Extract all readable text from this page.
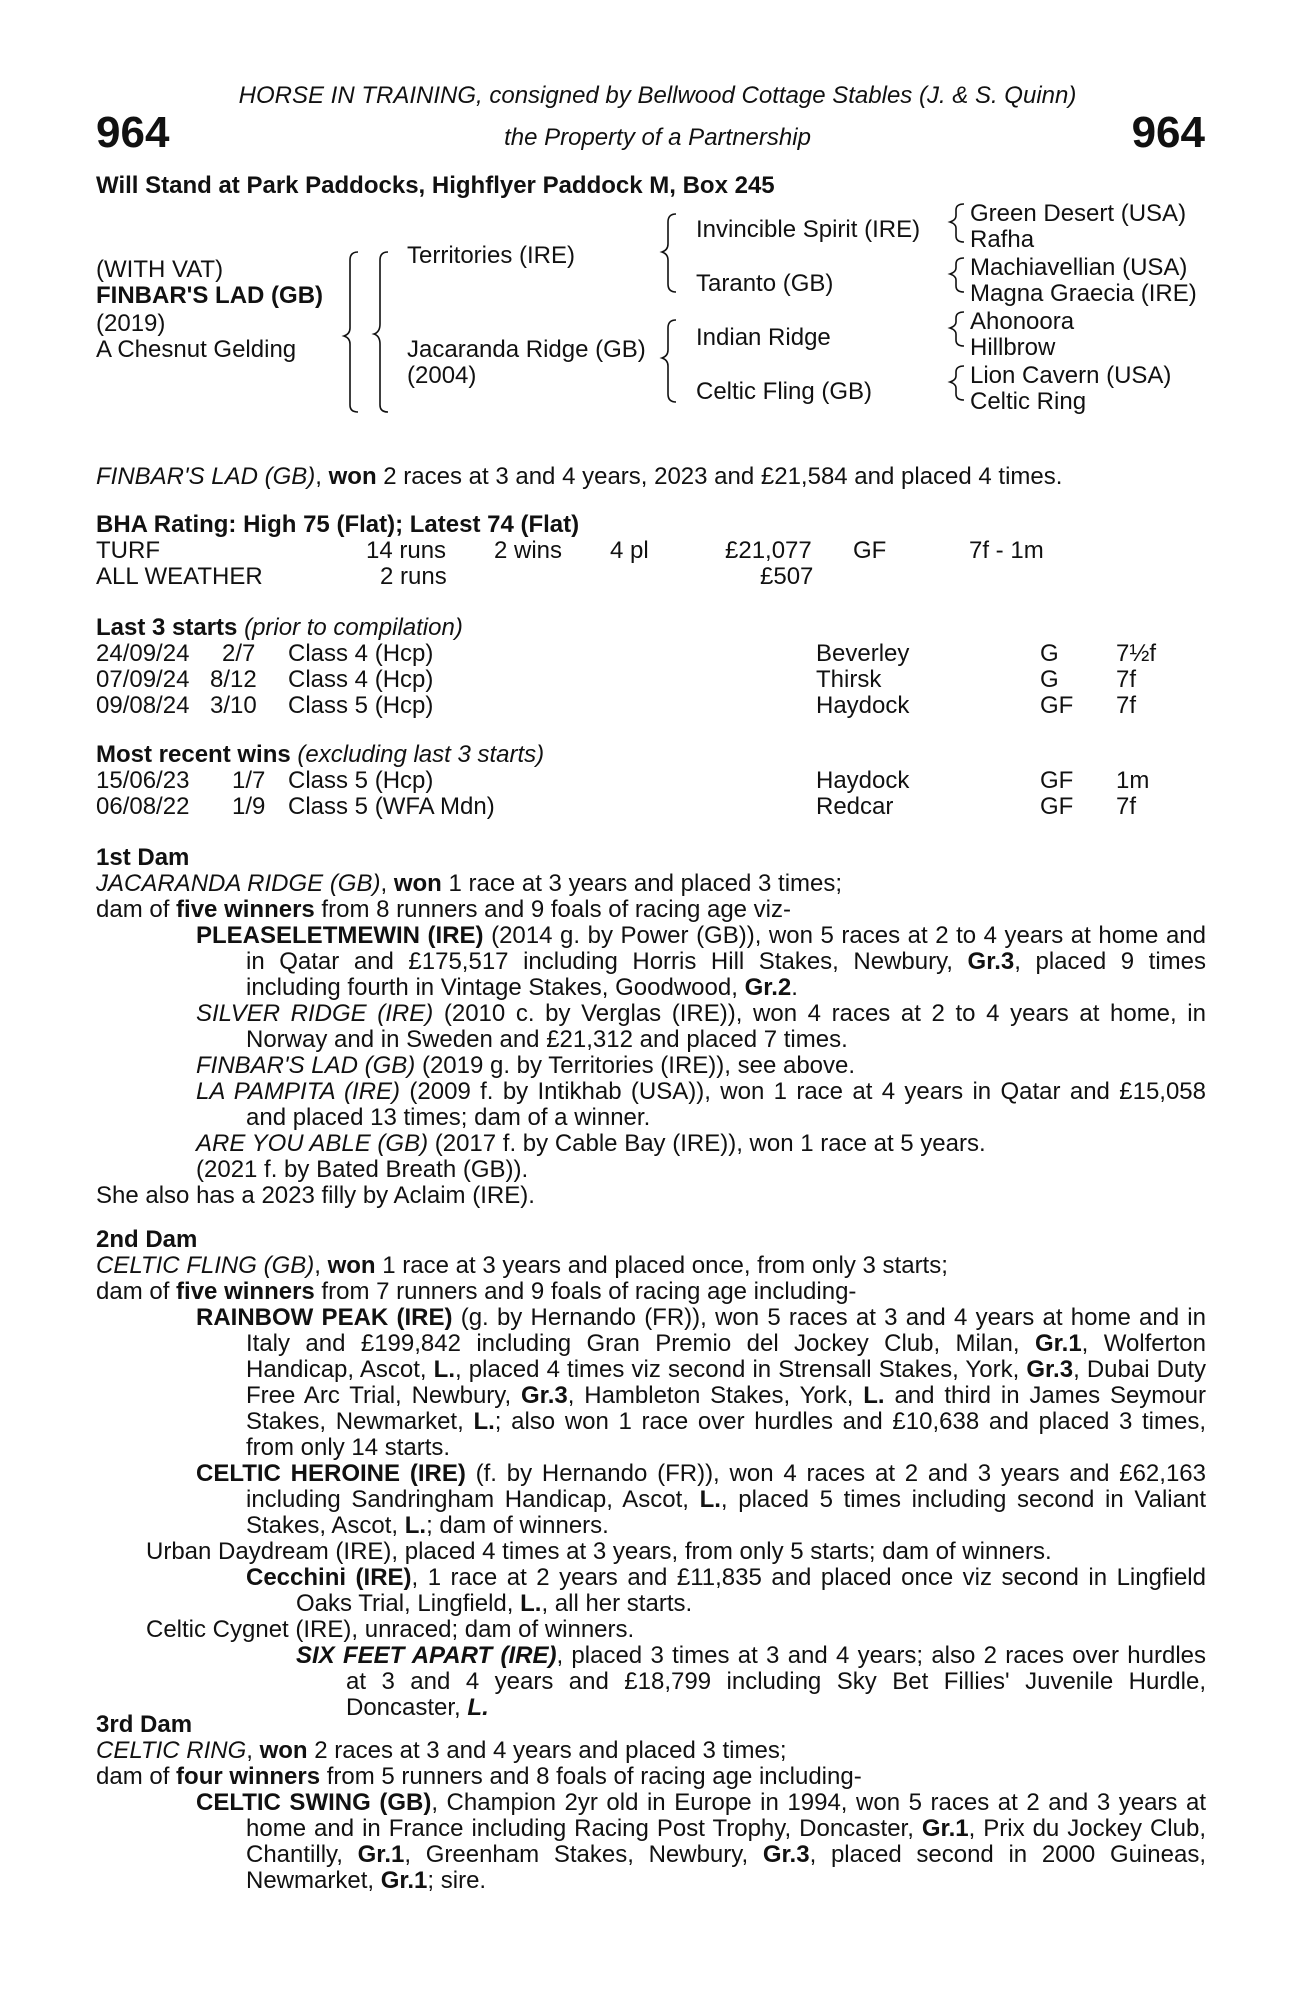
HORSE IN TRAINING, consigned by Bellwood Cottage Stables (J. & S. Quinn)
964	the Property of a Partnership	964
Will Stand at Park Paddocks, Highflyer Paddock M, Box 245
(WITH VAT)
FINBAR'S LAD (GB)
(2019)
A Chesnut Gelding
Territories (IRE)
Jacaranda Ridge (GB)
(2004)
Invincible Spirit (IRE)
Taranto (GB)
Indian Ridge
Celtic Fling (GB)
Green Desert (USA)
Rafha
Machiavellian (USA)
Magna Graecia (IRE)
Ahonoora
Hillbrow
Lion Cavern (USA)
Celtic Ring
FINBAR'S LAD (GB), won 2 races at 3 and 4 years, 2023 and £21,584 and placed 4 times.
BHA Rating: High 75 (Flat); Latest 74 (Flat)
TURF	14 runs 2 wins 4 pl	£21,077 GF	7f - 1m
ALL WEATHER	2 runs	£507
Last 3 starts (prior to compilation)
24/09/24 2/7 Class 4 (Hcp)	Beverley	G 7½f
07/09/24 8/12 Class 4 (Hcp)	Thirsk	G 7f
09/08/24 3/10 Class 5 (Hcp)	Haydock	GF 7f
Most recent wins (excluding last 3 starts)
15/06/23 1/7 Class 5 (Hcp)	Haydock	GF 1m
06/08/22 1/9 Class 5 (WFA Mdn)	Redcar	GF 7f

1st Dam

JACARANDA RIDGE (GB), won 1 race at 3 years and placed 3 times;

dam of five winners from 8 runners and 9 foals of racing age viz-

PLEASELETMEWIN (IRE) (2014 g. by Power (GB)), won 5 races at 2 to 4 years at home and in Qatar and £175,517 including Horris Hill Stakes, Newbury, Gr.3, placed 9 times including fourth in Vintage Stakes, Goodwood, Gr.2.

SILVER RIDGE (IRE) (2010 c. by Verglas (IRE)), won 4 races at 2 to 4 years at home, in Norway and in Sweden and £21,312 and placed 7 times.

FINBAR'S LAD (GB) (2019 g. by Territories (IRE)), see above.

LA PAMPITA (IRE) (2009 f. by Intikhab (USA)), won 1 race at 4 years in Qatar and £15,058 and placed 13 times; dam of a winner.

ARE YOU ABLE (GB) (2017 f. by Cable Bay (IRE)), won 1 race at 5 years.

(2021 f. by Bated Breath (GB)).

She also has a 2023 filly by Aclaim (IRE).

2nd Dam

CELTIC FLING (GB), won 1 race at 3 years and placed once, from only 3 starts;

dam of five winners from 7 runners and 9 foals of racing age including-

RAINBOW PEAK (IRE) (g. by Hernando (FR)), won 5 races at 3 and 4 years at home and in Italy and £199,842 including Gran Premio del Jockey Club, Milan, Gr.1, Wolferton Handicap, Ascot, L., placed 4 times viz second in Strensall Stakes, York, Gr.3, Dubai Duty Free Arc Trial, Newbury, Gr.3, Hambleton Stakes, York, L. and third in James Seymour Stakes, Newmarket, L.; also won 1 race over hurdles and £10,638 and placed 3 times, from only 14 starts.

CELTIC HEROINE (IRE) (f. by Hernando (FR)), won 4 races at 2 and 3 years and £62,163 including Sandringham Handicap, Ascot, L., placed 5 times including second in Valiant Stakes, Ascot, L.; dam of winners.

Urban Daydream (IRE), placed 4 times at 3 years, from only 5 starts; dam of winners.

Cecchini (IRE), 1 race at 2 years and £11,835 and placed once viz second in Lingfield Oaks Trial, Lingfield, L., all her starts.

Celtic Cygnet (IRE), unraced; dam of winners.

SIX FEET APART (IRE), placed 3 times at 3 and 4 years; also 2 races over hurdles at 3 and 4 years and £18,799 including Sky Bet Fillies' Juvenile Hurdle, Doncaster, L.

3rd Dam

CELTIC RING, won 2 races at 3 and 4 years and placed 3 times;

dam of four winners from 5 runners and 8 foals of racing age including-

CELTIC SWING (GB), Champion 2yr old in Europe in 1994, won 5 races at 2 and 3 years at home and in France including Racing Post Trophy, Doncaster, Gr.1, Prix du Jockey Club, Chantilly, Gr.1, Greenham Stakes, Newbury, Gr.3, placed second in 2000 Guineas, Newmarket, Gr.1; sire.
